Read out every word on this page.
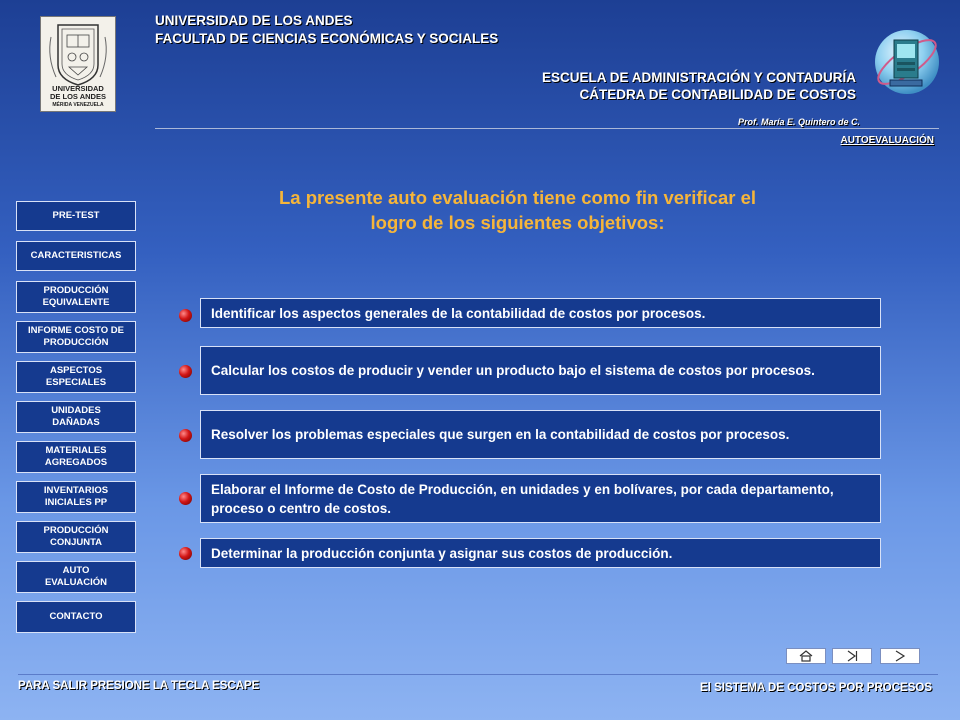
UNIVERSIDAD
DE LOS ANDES
MÉRIDA VENEZUELA
UNIVERSIDAD DE LOS ANDES
FACULTAD DE CIENCIAS ECONÓMICAS Y SOCIALES
ESCUELA DE ADMINISTRACIÓN Y CONTADURÍA
CÁTEDRA DE CONTABILIDAD DE COSTOS
Prof. María E. Quintero de C.
AUTOEVALUACIÓN
La presente auto evaluación tiene como fin verificar el
logro de los siguientes objetivos:
PRE-TEST
CARACTERISTICAS
PRODUCCIÓN EQUIVALENTE
INFORME COSTO DE PRODUCCIÓN
ASPECTOS ESPECIALES
UNIDADES DAÑADAS
MATERIALES AGREGADOS
INVENTARIOS INICIALES PP
PRODUCCIÓN CONJUNTA
AUTO EVALUACIÓN
CONTACTO
Identificar los aspectos generales de la contabilidad de costos por procesos.
Calcular los costos de producir y vender un producto bajo el sistema de costos por procesos.
Resolver los problemas especiales que surgen en la contabilidad de costos por procesos.
Elaborar el Informe de Costo de Producción, en unidades y en bolívares, por cada departamento, proceso o centro de costos.
Determinar la producción conjunta y asignar sus costos de producción.
PARA SALIR PRESIONE LA TECLA ESCAPE	El SISTEMA DE COSTOS POR PROCESOS
